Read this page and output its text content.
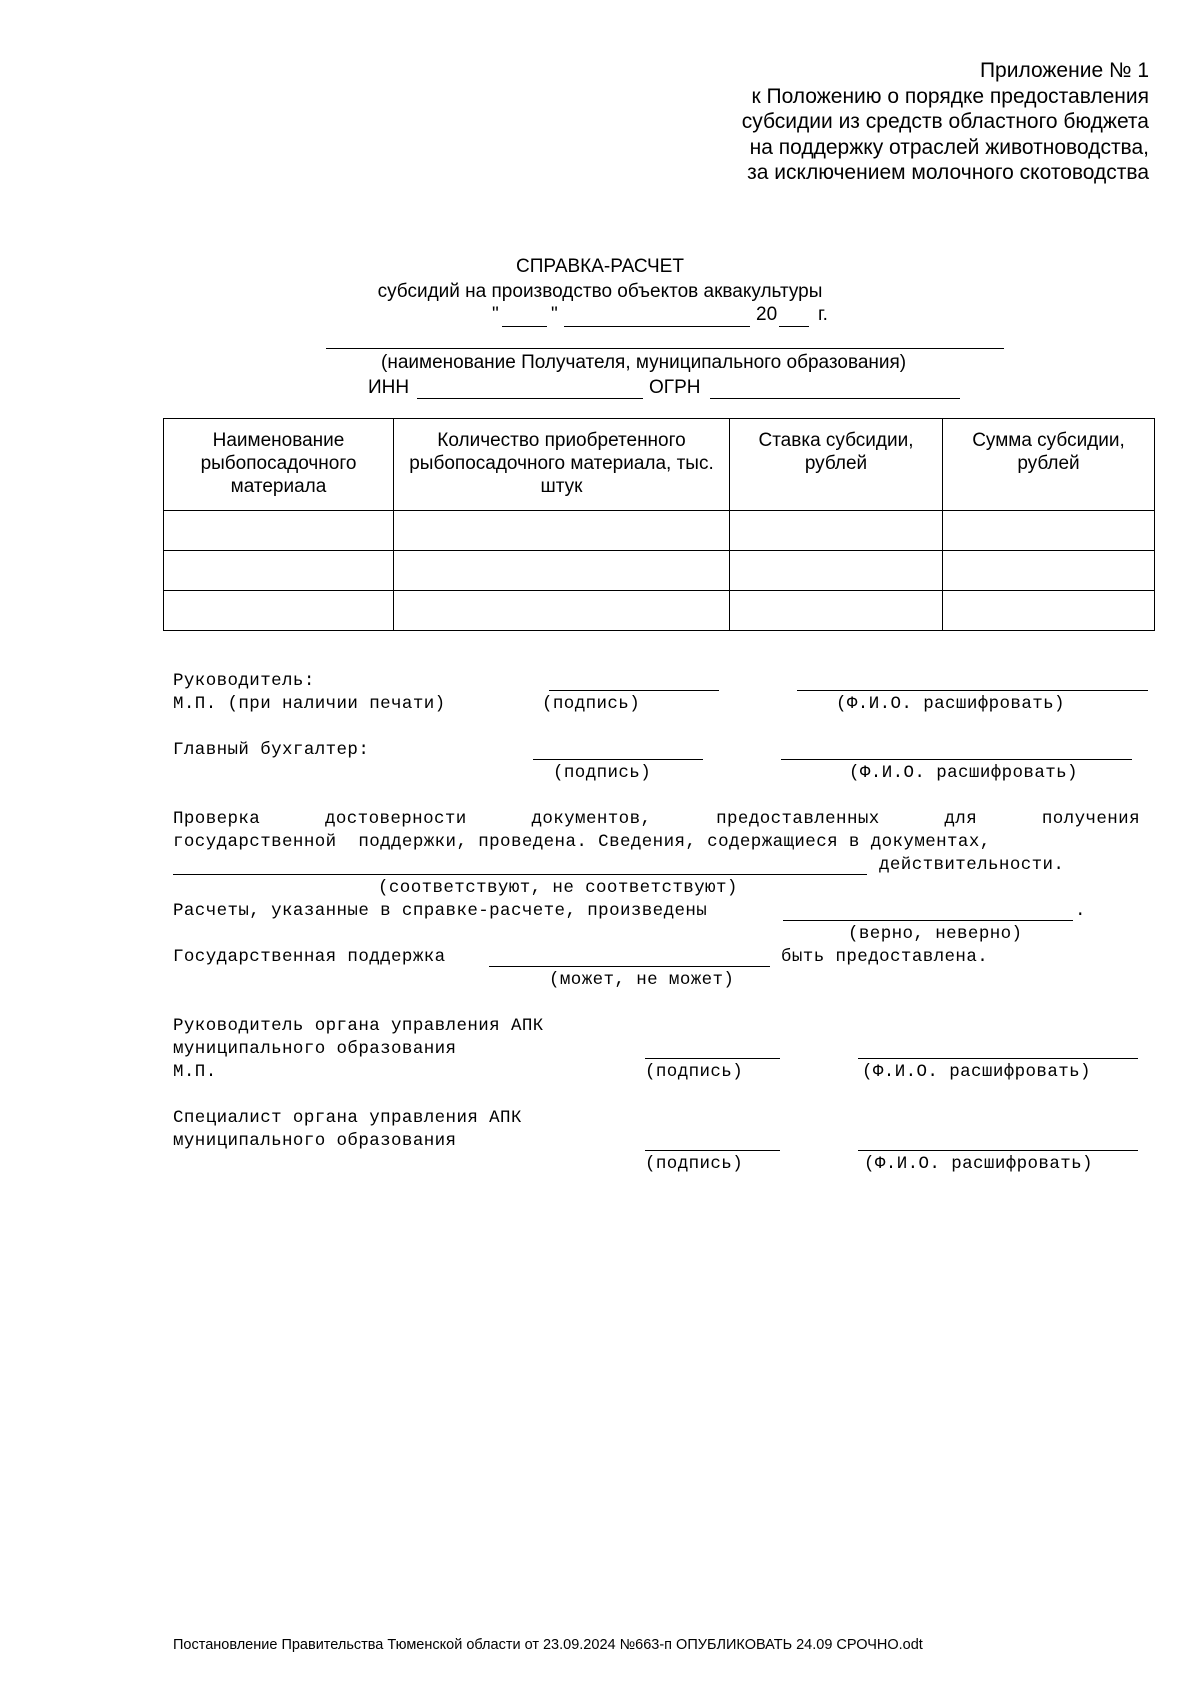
Приложение № 1
к Положению о порядке предоставления
субсидии из средств областного бюджета
на поддержку отраслей животноводства,
за исключением молочного скотоводства
СПРАВКА-РАСЧЕТ
субсидий на производство объектов аквакультуры
"	"	20 г.
(наименование Получателя, муниципального образования)
ИНН	ОГРН
Наименование рыбопосадочного материала	Количество приобретенного рыбопосадочного материала, тыс. штук	Ставка субсидии, рублей	Сумма субсидии, рублей

Руководитель:
М.П. (при наличии печати)	(подпись)	(Ф.И.О. расшифровать)
Главный бухгалтер:
(подпись)	(Ф.И.О. расшифровать)
Проверка	достоверности	документов,	предоставленных	для	получения
государственной  поддержки, проведена. Сведения, содержащиеся в документах,
действительности.
(соответствуют, не соответствуют)
Расчеты, указанные в справке-расчете, произведены	.
(верно, неверно)
Государственная поддержка	быть предоставлена.
(может, не может)
Руководитель органа управления АПК
муниципального образования
М.П.	(подпись)	(Ф.И.О. расшифровать)
Специалист органа управления АПК
муниципального образования
(подпись)	(Ф.И.О. расшифровать)
Постановление Правительства Тюменской области от 23.09.2024 №663-п ОПУБЛИКОВАТЬ 24.09 СРОЧНО.odt
